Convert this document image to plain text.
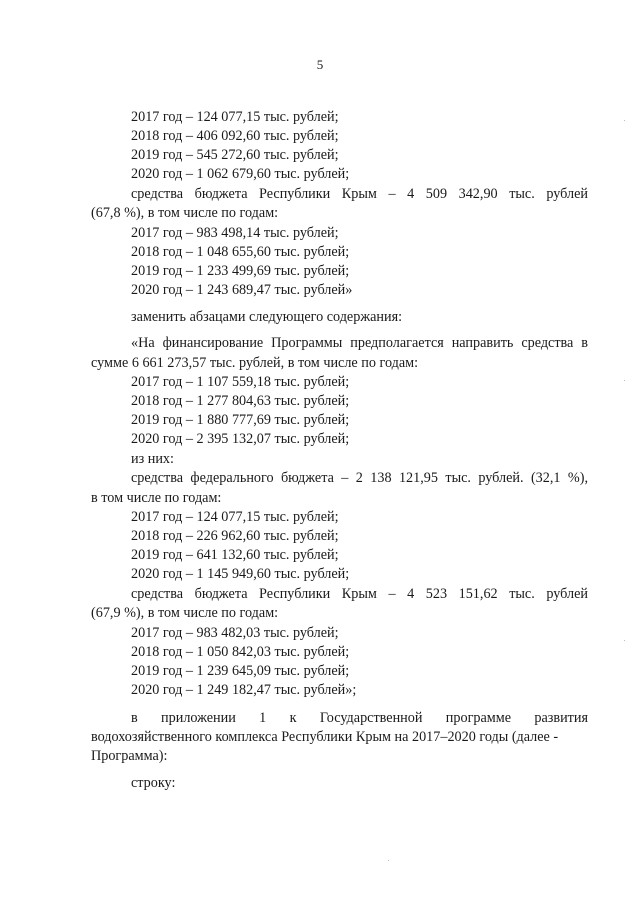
5
2017 год – 124 077,15 тыс. рублей;
2018 год – 406 092,60 тыс. рублей;
2019 год – 545 272,60 тыс. рублей;
2020 год – 1 062 679,60 тыс. рублей;
средства бюджета Республики Крым – 4 509 342,90 тыс. рублей
(67,8 %), в том числе по годам:
2017 год – 983 498,14 тыс. рублей;
2018 год – 1 048 655,60 тыс. рублей;
2019 год – 1 233 499,69 тыс. рублей;
2020 год – 1 243 689,47 тыс. рублей»
заменить абзацами следующего содержания:
«На финансирование Программы предполагается направить средства в
сумме 6 661 273,57 тыс. рублей, в том числе по годам:
2017 год – 1 107 559,18 тыс. рублей;
2018 год – 1 277 804,63 тыс. рублей;
2019 год – 1 880 777,69 тыс. рублей;
2020 год – 2 395 132,07 тыс. рублей;
из них:
средства федерального бюджета – 2 138 121,95 тыс. рублей. (32,1 %),
в том числе по годам:
2017 год – 124 077,15 тыс. рублей;
2018 год – 226 962,60 тыс. рублей;
2019 год – 641 132,60 тыс. рублей;
2020 год – 1 145 949,60 тыс. рублей;
средства бюджета Республики Крым – 4 523 151,62 тыс. рублей
(67,9 %), в том числе по годам:
2017 год – 983 482,03 тыс. рублей;
2018 год – 1 050 842,03 тыс. рублей;
2019 год – 1 239 645,09 тыс. рублей;
2020 год – 1 249 182,47 тыс. рублей»;
в приложении 1 к Государственной программе развития
водохозяйственного комплекса Республики Крым на 2017–2020 годы (далее -
Программа):
строку:
